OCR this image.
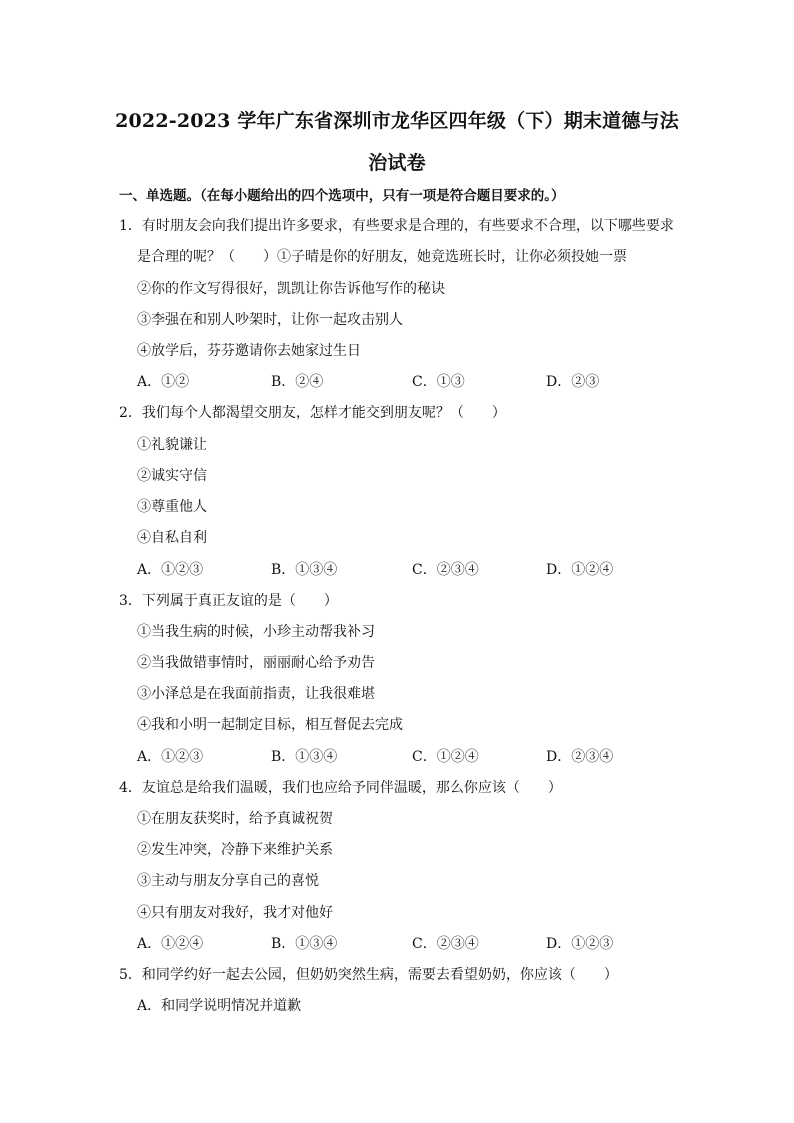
2022-2023 学年广东省深圳市龙华区四年级（下）期末道德与法
治试卷
一、单选题。（在每小题给出的四个选项中，只有一项是符合题目要求的。）
1．有时朋友会向我们提出许多要求，有些要求是合理的，有些要求不合理，以下哪些要求
是合理的呢？（　　）①子晴是你的好朋友，她竞选班长时，让你必须投她一票
②你的作文写得很好，凯凯让你告诉他写作的秘诀
③李强在和别人吵架时，让你一起攻击别人
④放学后，芬芬邀请你去她家过生日
A．①②	B．②④	C．①③	D．②③
2．我们每个人都渴望交朋友，怎样才能交到朋友呢？（　　）
①礼貌谦让
②诚实守信
③尊重他人
④自私自利
A．①②③	B．①③④	C．②③④	D．①②④
3．下列属于真正友谊的是（　　）
①当我生病的时候，小珍主动帮我补习
②当我做错事情时，丽丽耐心给予劝告
③小泽总是在我面前指责，让我很难堪
④我和小明一起制定目标，相互督促去完成
A．①②③	B．①③④	C．①②④	D．②③④
4．友谊总是给我们温暖，我们也应给予同伴温暖，那么你应该（　　）
①在朋友获奖时，给予真诚祝贺
②发生冲突，冷静下来维护关系
③主动与朋友分享自己的喜悦
④只有朋友对我好，我才对他好
A．①②④	B．①③④	C．②③④	D．①②③
5．和同学约好一起去公园，但奶奶突然生病，需要去看望奶奶，你应该（　　）
A．和同学说明情况并道歉
